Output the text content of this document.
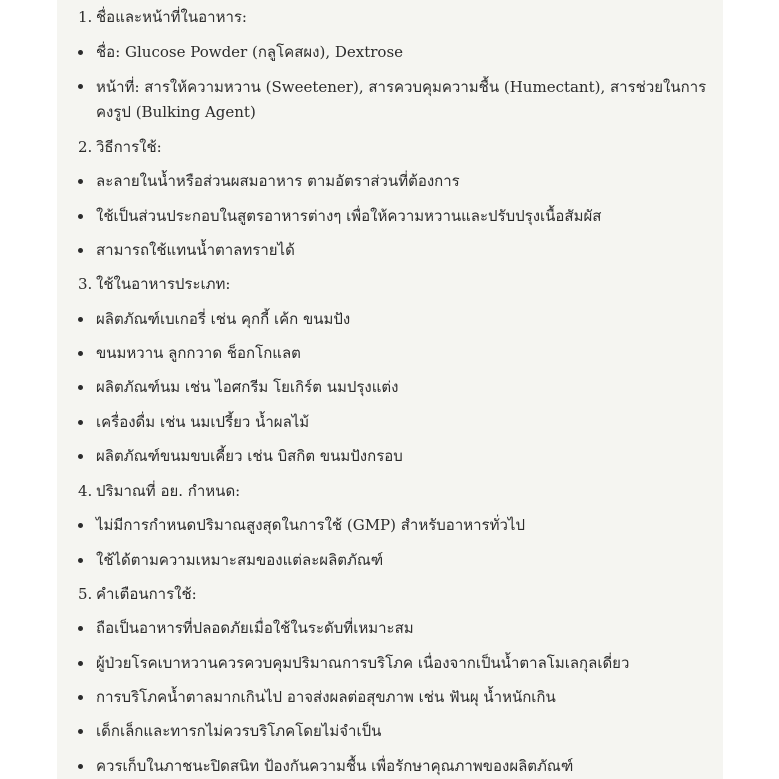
1. ชื่อและหน้าที่ในอาหาร:
ชื่อ: Glucose Powder (กลูโคสผง), Dextrose
หน้าที่: สารให้ความหวาน (Sweetener), สารควบคุมความชื้น (Humectant), สารช่วยในการคงรูป (Bulking Agent)
2. วิธีการใช้:
ละลายในน้ำหรือส่วนผสมอาหาร ตามอัตราส่วนที่ต้องการ
ใช้เป็นส่วนประกอบในสูตรอาหารต่างๆ เพื่อให้ความหวานและปรับปรุงเนื้อสัมผัส
สามารถใช้แทนน้ำตาลทรายได้
3. ใช้ในอาหารประเภท:
ผลิตภัณฑ์เบเกอรี่ เช่น คุกกี้ เค้ก ขนมปัง
ขนมหวาน ลูกกวาด ช็อกโกแลต
ผลิตภัณฑ์นม เช่น ไอศกรีม โยเกิร์ต นมปรุงแต่ง
เครื่องดื่ม เช่น นมเปรี้ยว น้ำผลไม้
ผลิตภัณฑ์ขนมขบเคี้ยว เช่น บิสกิต ขนมปังกรอบ
4. ปริมาณที่ อย. กำหนด:
ไม่มีการกำหนดปริมาณสูงสุดในการใช้ (GMP) สำหรับอาหารทั่วไป
ใช้ได้ตามความเหมาะสมของแต่ละผลิตภัณฑ์
5. คำเตือนการใช้:
ถือเป็นอาหารที่ปลอดภัยเมื่อใช้ในระดับที่เหมาะสม
ผู้ป่วยโรคเบาหวานควรควบคุมปริมาณการบริโภค เนื่องจากเป็นน้ำตาลโมเลกุลเดี่ยว
การบริโภคน้ำตาลมากเกินไป อาจส่งผลต่อสุขภาพ เช่น ฟันผุ น้ำหนักเกิน
เด็กเล็กและทารกไม่ควรบริโภคโดยไม่จำเป็น
ควรเก็บในภาชนะปิดสนิท ป้องกันความชื้น เพื่อรักษาคุณภาพของผลิตภัณฑ์
